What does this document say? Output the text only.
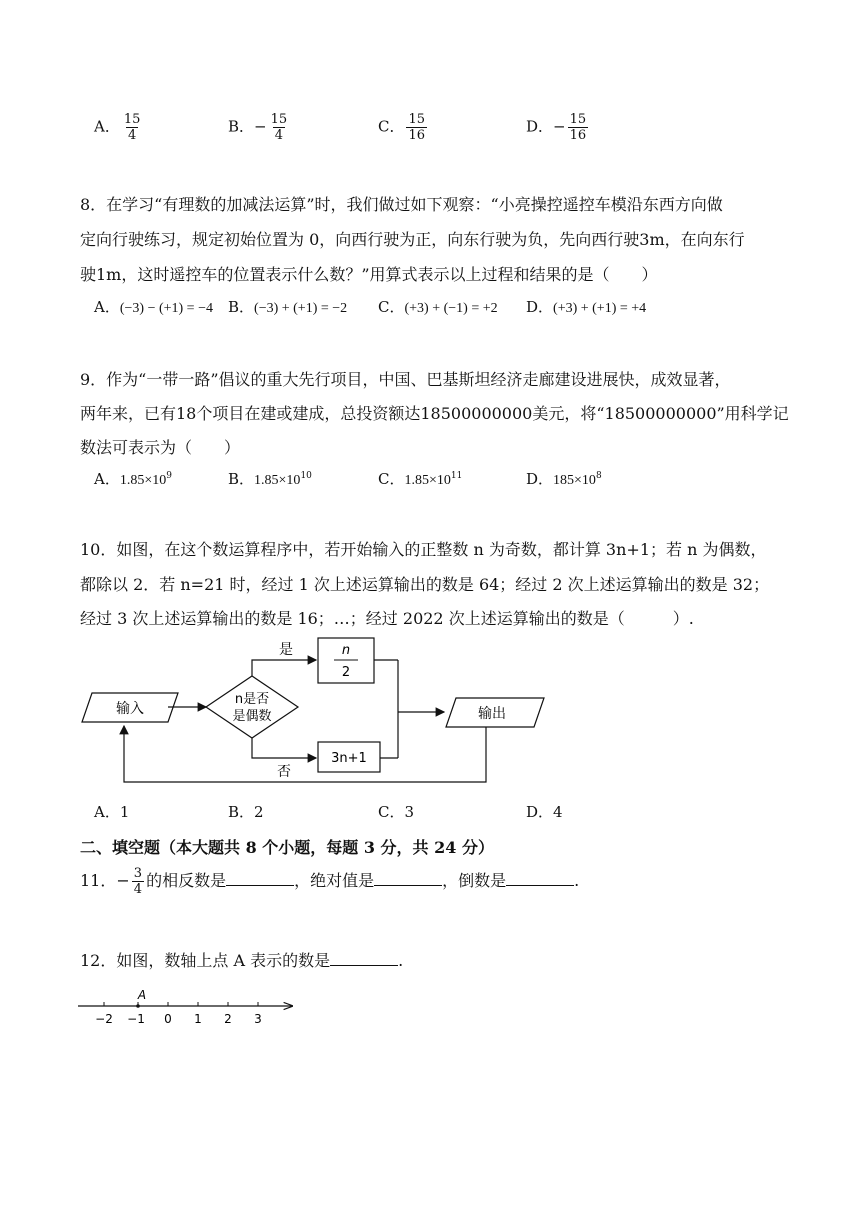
A． $\frac{15}{4}$	B．− $\frac{15}{4}$	C． $\frac{15}{16}$	D．− $\frac{15}{16}$
8．在学习“有理数的加减法运算”时，我们做过如下观察：“小亮操控遥控车模沿东西方向做
定向行驶练习，规定初始位置为 0，向西行驶为正，向东行驶为负，先向西行驶3m，在向东行
驶1m，这时遥控车的位置表示什么数？”用算式表示以上过程和结果的是（　　）
A．(−3) − (+1) = −4 B．(−3) + (+1) = −2 C．(+3) + (−1) = +2 D．(+3) + (+1) = +4
9．作为“一带一路”倡议的重大先行项目，中国、巴基斯坦经济走廊建设进展快，成效显著，
两年来，已有18个项目在建或建成，总投资额达18500000000美元，将“18500000000”用科学记
数法可表示为（　　）
A．$1.85\times 10^9$	B．$1.85\times 10^{10}$	C．$1.85\times 10^{11}$	D．$185\times 10^8$
10．如图，在这个数运算程序中，若开始输入的正整数 n 为奇数，都计算 3n+1；若 n 为偶数，
都除以 2．若 n=21 时，经过 1 次上述运算输出的数是 64；经过 2 次上述运算输出的数是 32；
经过 3 次上述运算输出的数是 16；…；经过 2022 次上述运算输出的数是（　　　）.
输入
n是否
是偶数
是	n
2
否
3n+1
输出
A．1	B．2	C．3	D．4
二、填空题（本大题共 8 个小题，每题 3 分，共 24 分）
11．− $\frac{3}{4}$ 的相反数是	，绝对值是	，倒数是	.
12．如图，数轴上点 A 表示的数是	.
A
−2 −1 0 1 2 3
